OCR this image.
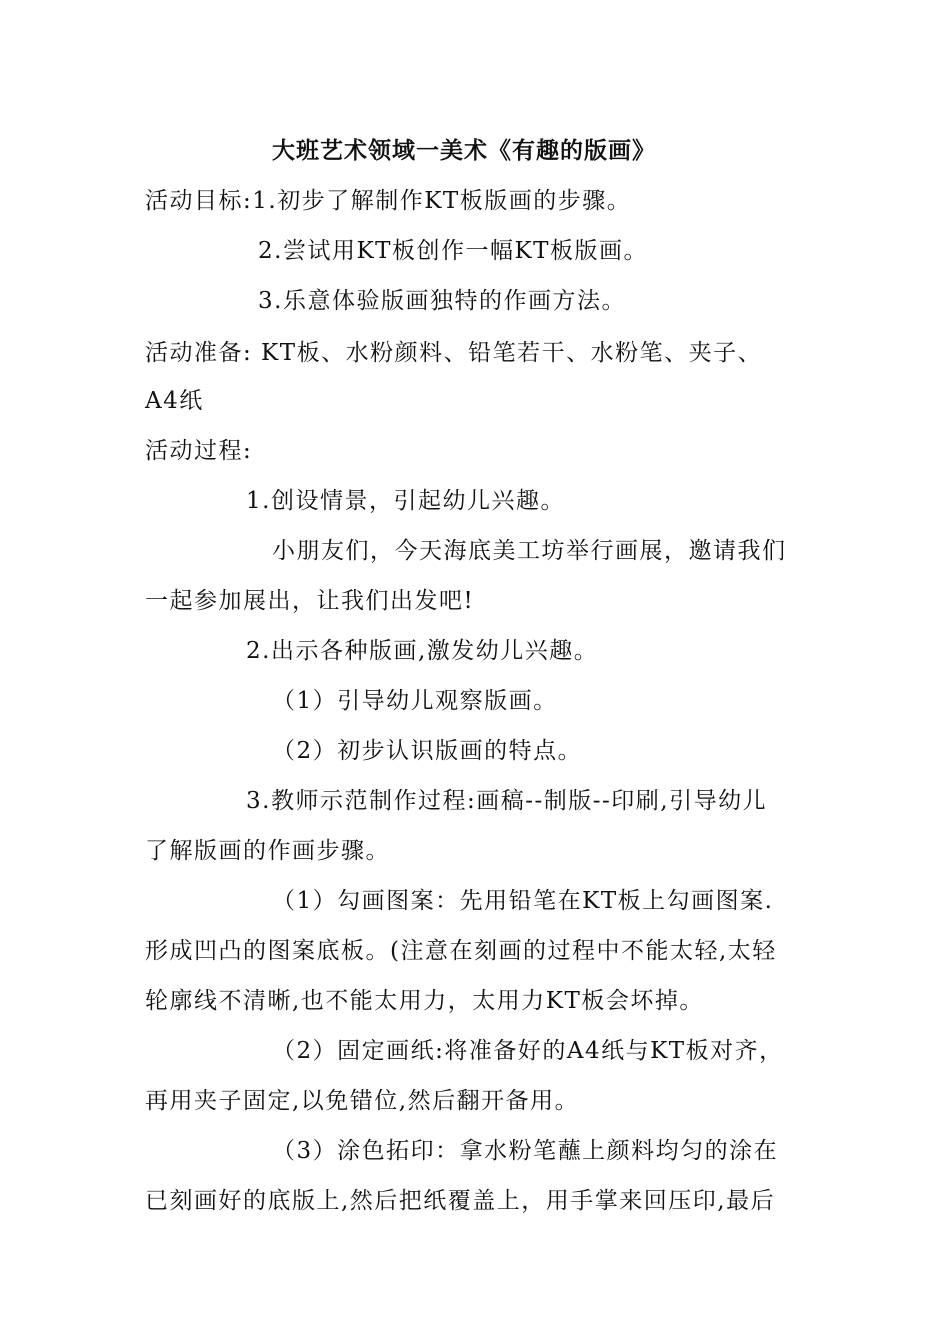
大班艺术领域一美术《有趣的版画》
活动目标:1.初步了解制作KT板版画的步骤。
2.尝试用KT板创作一幅KT板版画。
3.乐意体验版画独特的作画方法。
活动准备: KT板、水粉颜料、铅笔若干、水粉笔、夹子、
A4纸
活动过程:
1.创设情景，引起幼儿兴趣。
小朋友们，今天海底美工坊举行画展，邀请我们
一起参加展出，让我们出发吧!
2.出示各种版画,激发幼儿兴趣。
（1）引导幼儿观察版画。
（2）初步认识版画的特点。
3.教师示范制作过程:画稿--制版--印刷,引导幼儿
了解版画的作画步骤。
（1）勾画图案：先用铅笔在KT板上勾画图案.
形成凹凸的图案底板。(注意在刻画的过程中不能太轻,太轻
轮廓线不清晰,也不能太用力，太用力KT板会坏掉。
（2）固定画纸:将准备好的A4纸与KT板对齐，
再用夹子固定,以免错位,然后翻开备用。
（3）涂色拓印：拿水粉笔蘸上颜料均匀的涂在
已刻画好的底版上,然后把纸覆盖上，用手掌来回压印,最后
